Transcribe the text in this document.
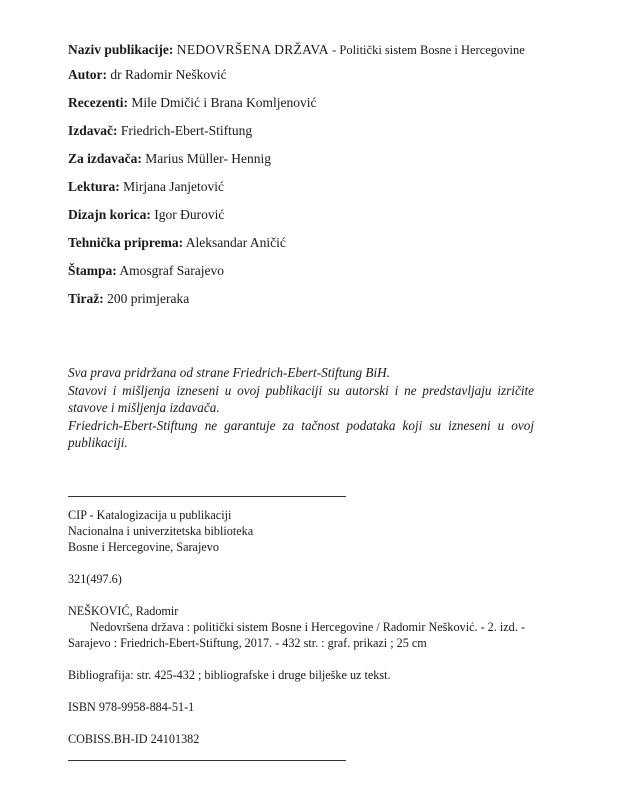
Naziv publikacije: NEDOVRŠENA DRŽAVA - Politički sistem Bosne i Hercegovine
Autor: dr Radomir Nešković
Recezenti: Mile Dmičić i Brana Komljenović
Izdavač: Friedrich-Ebert-Stiftung
Za izdavača: Marius Müller- Hennig
Lektura: Mirjana Janjetović
Dizajn korica: Igor Đurović
Tehnička priprema: Aleksandar Aničić
Štampa: Amosgraf Sarajevo
Tiraž: 200 primjeraka

Sva prava pridržana od strane Friedrich-Ebert-Stiftung BiH.

Stavovi i mišljenja izneseni u ovoj publikaciji su autorski i ne predstavljaju izričite stavove i mišljenja izdavača.

Friedrich-Ebert-Stiftung ne garantuje za tačnost podataka koji su izneseni u ovoj publikaciji.

CIP - Katalogizacija u publikaciji

Nacionalna i univerzitetska biblioteka

Bosne i Hercegovine, Sarajevo

321(497.6)

NEŠKOVIĆ, Radomir

Nedovršena država : politički sistem Bosne i Hercegovine / Radomir Nešković. - 2. izd. - Sarajevo : Friedrich-Ebert-Stiftung, 2017. - 432 str. : graf. prikazi ; 25 cm

Bibliografija: str. 425-432 ; bibliografske i druge bilješke uz tekst.

ISBN 978-9958-884-51-1

COBISS.BH-ID 24101382
